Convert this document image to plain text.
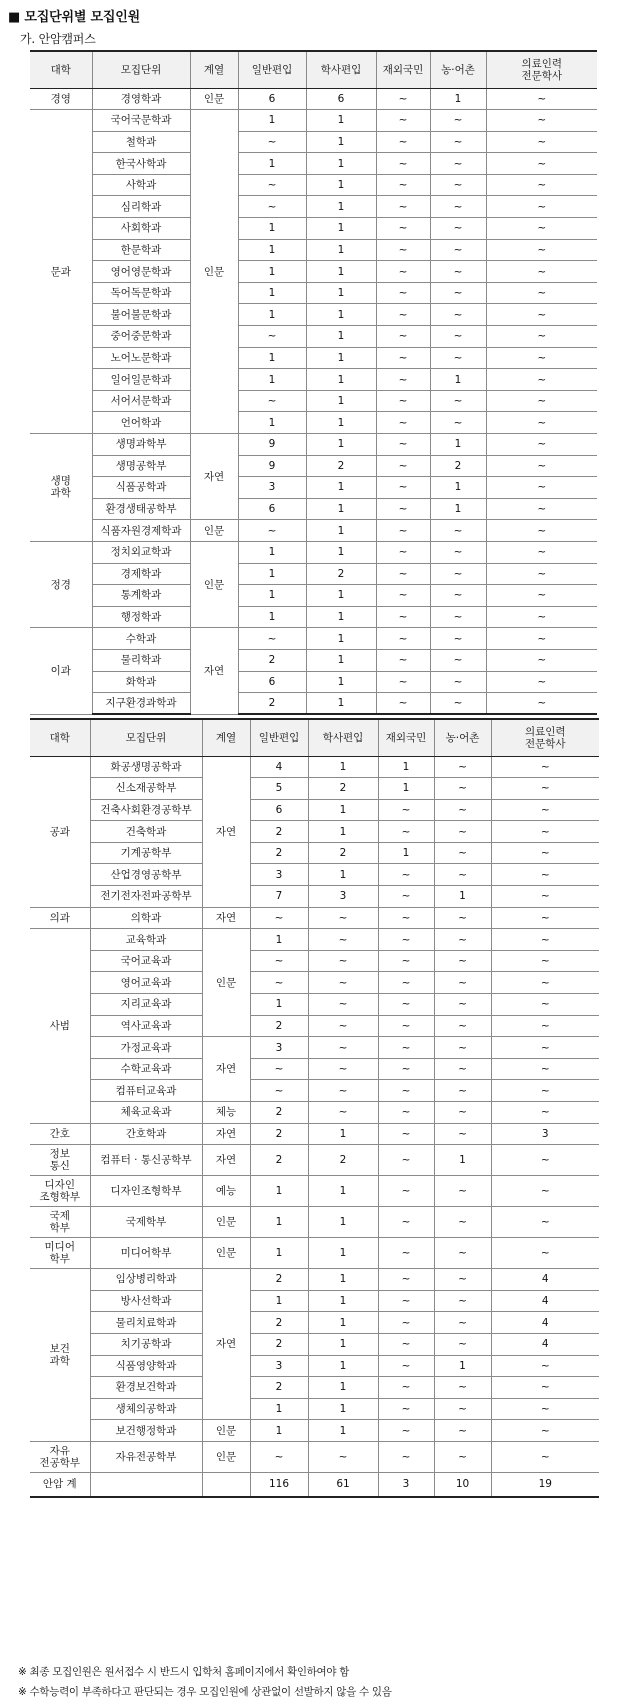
■ 모집단위별 모집인원
가. 안암캠퍼스
대학	모집단위	계열	일반편입	학사편입	재외국민	농·어촌	의료인력
전문학사
경영	경영학과	인문	6	6	~	1	~
문과	국어국문학과	인문	1	1	~	~	~
	철학과		~	1	~	~	~
	한국사학과		1	1	~	~	~
	사학과		~	1	~	~	~
	심리학과		~	1	~	~	~
	사회학과		1	1	~	~	~
	한문학과		1	1	~	~	~
	영어영문학과		1	1	~	~	~
	독어독문학과		1	1	~	~	~
	불어불문학과		1	1	~	~	~
	중어중문학과		~	1	~	~	~
	노어노문학과		1	1	~	~	~
	일어일문학과		1	1	~	1	~
	서어서문학과		~	1	~	~	~
	언어학과		1	1	~	~	~
생명
과학	생명과학부	자연	9	1	~	1	~
	생명공학부		9	2	~	2	~
	식품공학과		3	1	~	1	~
	환경생태공학부		6	1	~	1	~
	식품자원경제학과	인문	~	1	~	~	~
정경	정치외교학과	인문	1	1	~	~	~
	경제학과		1	2	~	~	~
	통계학과		1	1	~	~	~
	행정학과		1	1	~	~	~
이과	수학과	자연	~	1	~	~	~
	물리학과		2	1	~	~	~
	화학과		6	1	~	~	~
	지구환경과학과		2	1	~	~	~
대학	모집단위	계열	일반편입	학사편입	재외국민	농·어촌	의료인력
전문학사
공과	화공생명공학과	자연	4	1	1	~	~
	신소재공학부		5	2	1	~	~
	건축사회환경공학부		6	1	~	~	~
	건축학과		2	1	~	~	~
	기계공학부		2	2	1	~	~
	산업경영공학부		3	1	~	~	~
	전기전자전파공학부		7	3	~	1	~
의과	의학과	자연	~	~	~	~	~
사범	교육학과	인문	1	~	~	~	~
	국어교육과		~	~	~	~	~
	영어교육과		~	~	~	~	~
	지리교육과		1	~	~	~	~
	역사교육과		2	~	~	~	~
	가정교육과	자연	3	~	~	~	~
	수학교육과		~	~	~	~	~
	컴퓨터교육과		~	~	~	~	~
	체육교육과	체능	2	~	~	~	~
간호	간호학과	자연	2	1	~	~	3
정보
통신	컴퓨터 · 통신공학부	자연	2	2	~	1	~
디자인
조형학부	디자인조형학부	예능	1	1	~	~	~
국제
학부	국제학부	인문	1	1	~	~	~
미디어
학부	미디어학부	인문	1	1	~	~	~
보건
과학	임상병리학과	자연	2	1	~	~	4
	방사선학과		1	1	~	~	4
	물리치료학과		2	1	~	~	4
	치기공학과		2	1	~	~	4
	식품영양학과		3	1	~	1	~
	환경보건학과		2	1	~	~	~
	생체의공학과		1	1	~	~	~
	보건행정학과	인문	1	1	~	~	~
자유
전공학부	자유전공학부	인문	~	~	~	~	~
안암 계			116	61	3	10	19
※ 최종 모집인원은 원서접수 시 반드시 입학처 홈페이지에서 확인하여야 함
※ 수학능력이 부족하다고 판단되는 경우 모집인원에 상관없이 선발하지 않을 수 있음
